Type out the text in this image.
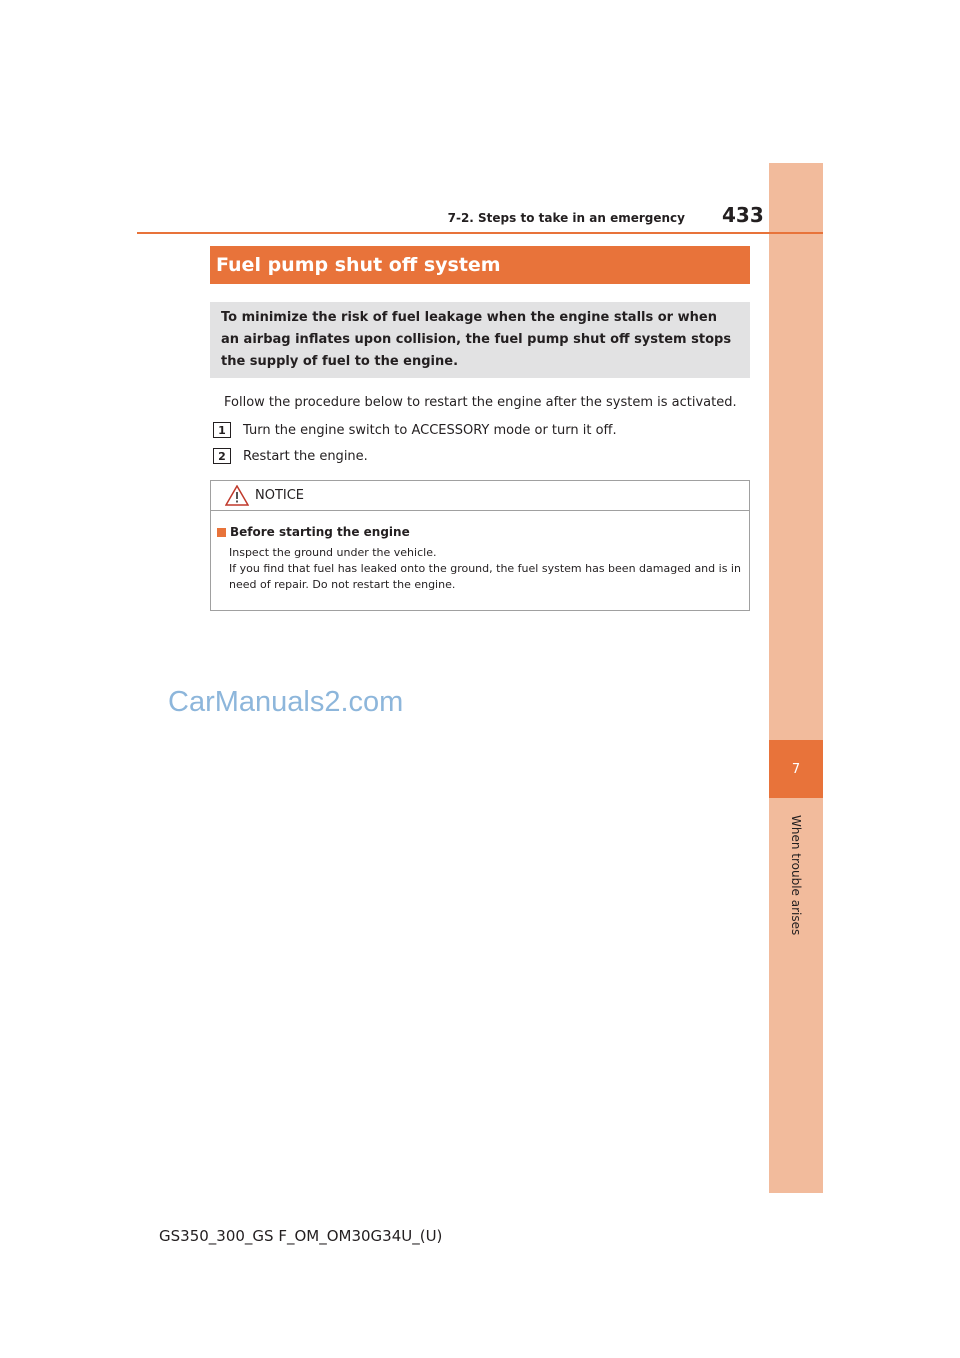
7
When trouble arises
7-2. Steps to take in an emergency 433
Fuel pump shut off system
To minimize the risk of fuel leakage when the engine stalls or when an airbag inflates upon collision, the fuel pump shut off system stops the supply of fuel to the engine.
Follow the procedure below to restart the engine after the system is activated.
1	Turn the engine switch to ACCESSORY mode or turn it off.
2	Restart the engine.
NOTICE
Before starting the engine
Inspect the ground under the vehicle.
If you find that fuel has leaked onto the ground, the fuel system has been damaged and is in need of repair. Do not restart the engine.
CarManuals2.com
GS350_300_GS F_OM_OM30G34U_(U)
